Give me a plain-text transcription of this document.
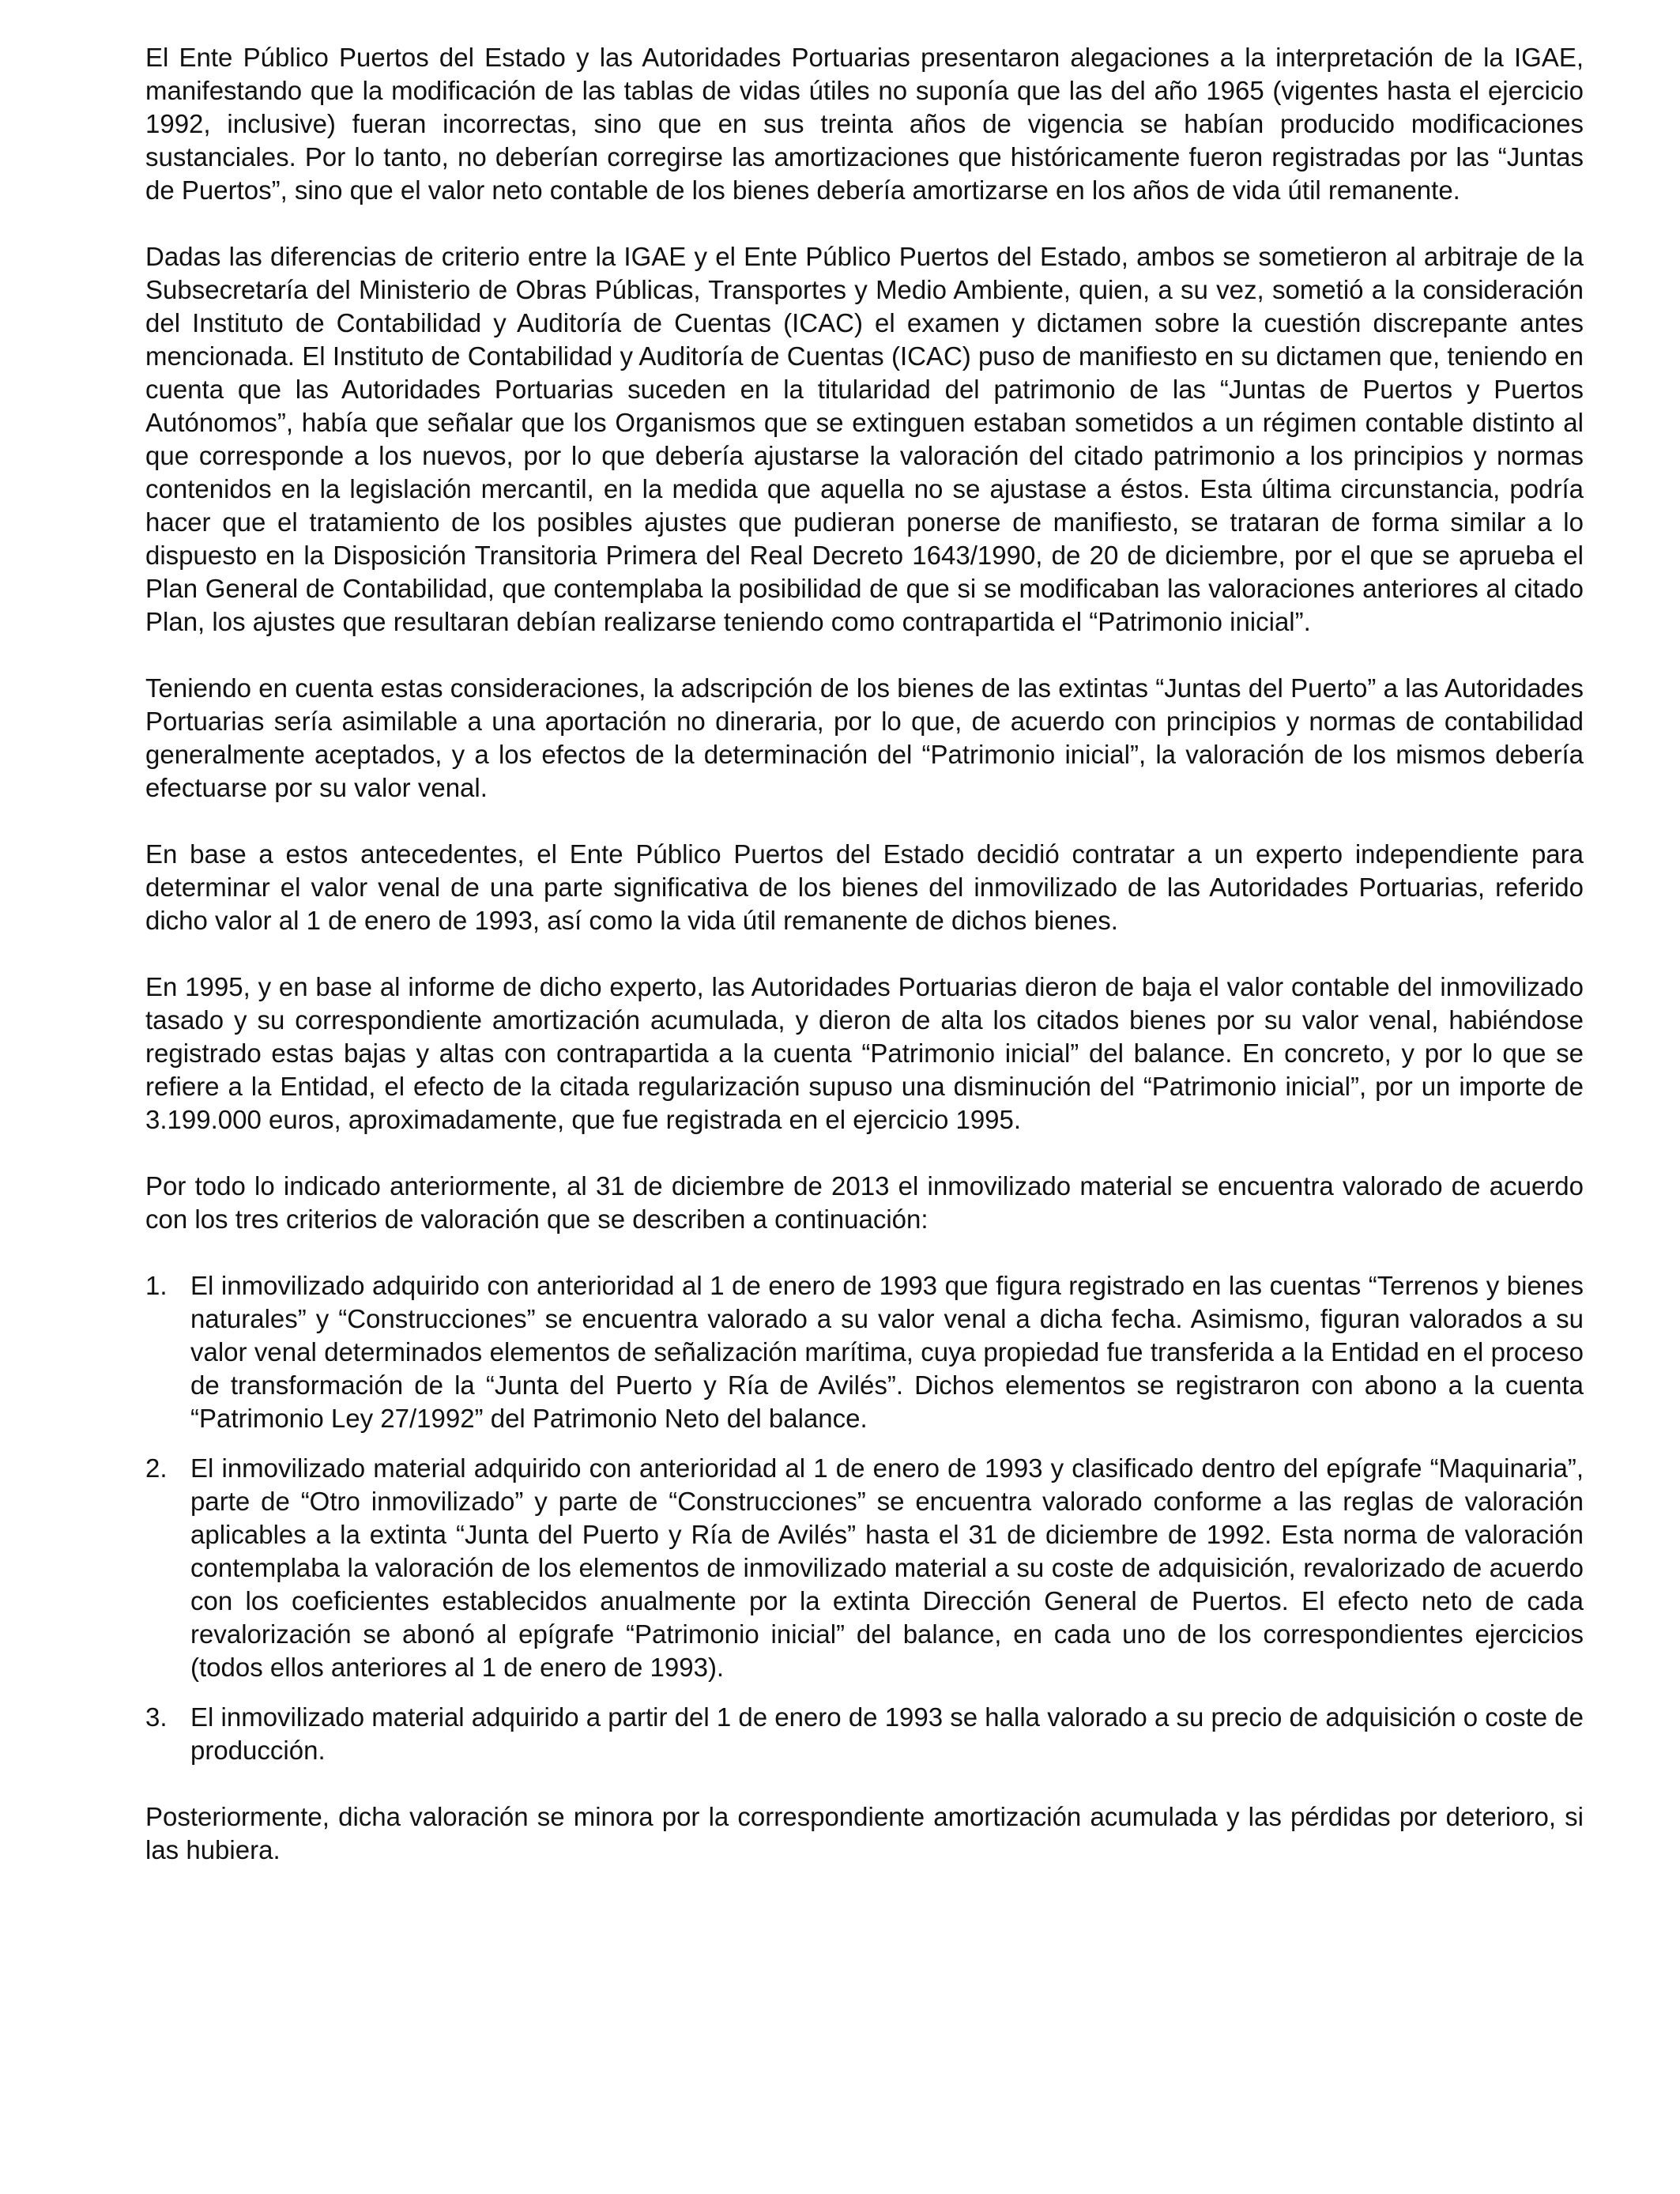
El Ente Público Puertos del Estado y las Autoridades Portuarias presentaron alegaciones a la interpretación de la IGAE, manifestando que la modificación de las tablas de vidas útiles no suponía que las del año 1965 (vigentes hasta el ejercicio 1992, inclusive) fueran incorrectas, sino que en sus treinta años de vigencia se habían producido modificaciones sustanciales. Por lo tanto, no deberían corregirse las amortizaciones que históricamente fueron registradas por las “Juntas de Puertos”, sino que el valor neto contable de los bienes debería amortizarse en los años de vida útil remanente.

Dadas las diferencias de criterio entre la IGAE y el Ente Público Puertos del Estado, ambos se sometieron al arbitraje de la Subsecretaría del Ministerio de Obras Públicas, Transportes y Medio Ambiente, quien, a su vez, sometió a la consideración del Instituto de Contabilidad y Auditoría de Cuentas (ICAC) el examen y dictamen sobre la cuestión discrepante antes mencionada. El Instituto de Contabilidad y Auditoría de Cuentas (ICAC) puso de manifiesto en su dictamen que, teniendo en cuenta que las Autoridades Portuarias suceden en la titularidad del patrimonio de las “Juntas de Puertos y Puertos Autónomos”, había que señalar que los Organismos que se extinguen estaban sometidos a un régimen contable distinto al que corresponde a los nuevos, por lo que debería ajustarse la valoración del citado patrimonio a los principios y normas contenidos en la legislación mercantil, en la medida que aquella no se ajustase a éstos. Esta última circunstancia, podría hacer que el tratamiento de los posibles ajustes que pudieran ponerse de manifiesto, se trataran de forma similar a lo dispuesto en la Disposición Transitoria Primera del Real Decreto 1643/1990, de 20 de diciembre, por el que se aprueba el Plan General de Contabilidad, que contemplaba la posibilidad de que si se modificaban las valoraciones anteriores al citado Plan, los ajustes que resultaran debían realizarse teniendo como contrapartida el “Patrimonio inicial”.

Teniendo en cuenta estas consideraciones, la adscripción de los bienes de las extintas “Juntas del Puerto” a las Autoridades Portuarias sería asimilable a una aportación no dineraria, por lo que, de acuerdo con principios y normas de contabilidad generalmente aceptados, y a los efectos de la determinación del “Patrimonio inicial”, la valoración de los mismos debería efectuarse por su valor venal.

En base a estos antecedentes, el Ente Público Puertos del Estado decidió contratar a un experto independiente para determinar el valor venal de una parte significativa de los bienes del inmovilizado de las Autoridades Portuarias, referido dicho valor al 1 de enero de 1993, así como la vida útil remanente de dichos bienes.

En 1995, y en base al informe de dicho experto, las Autoridades Portuarias dieron de baja el valor contable del inmovilizado tasado y su correspondiente amortización acumulada, y dieron de alta los citados bienes por su valor venal, habiéndose registrado estas bajas y altas con contrapartida a la cuenta “Patrimonio inicial” del balance. En concreto, y por lo que se refiere a la Entidad, el efecto de la citada regularización supuso una disminución del “Patrimonio inicial”, por un importe de 3.199.000 euros, aproximadamente, que fue registrada en el ejercicio 1995.

Por todo lo indicado anteriormente, al 31 de diciembre de 2013 el inmovilizado material se encuentra valorado de acuerdo con los tres criterios de valoración que se describen a continuación:

1. El inmovilizado adquirido con anterioridad al 1 de enero de 1993 que figura registrado en las cuentas “Terrenos y bienes naturales” y “Construcciones” se encuentra valorado a su valor venal a dicha fecha. Asimismo, figuran valorados a su valor venal determinados elementos de señalización marítima, cuya propiedad fue transferida a la Entidad en el proceso de transformación de la “Junta del Puerto y Ría de Avilés”. Dichos elementos se registraron con abono a la cuenta “Patrimonio Ley 27/1992” del Patrimonio Neto del balance.
2. El inmovilizado material adquirido con anterioridad al 1 de enero de 1993 y clasificado dentro del epígrafe “Maquinaria”, parte de “Otro inmovilizado” y parte de “Construcciones” se encuentra valorado conforme a las reglas de valoración aplicables a la extinta “Junta del Puerto y Ría de Avilés” hasta el 31 de diciembre de 1992. Esta norma de valoración contemplaba la valoración de los elementos de inmovilizado material a su coste de adquisición, revalorizado de acuerdo con los coeficientes establecidos anualmente por la extinta Dirección General de Puertos. El efecto neto de cada revalorización se abonó al epígrafe “Patrimonio inicial” del balance, en cada uno de los correspondientes ejercicios (todos ellos anteriores al 1 de enero de 1993).
3. El inmovilizado material adquirido a partir del 1 de enero de 1993 se halla valorado a su precio de adquisición o coste de producción.

Posteriormente, dicha valoración se minora por la correspondiente amortización acumulada y las pérdidas por deterioro, si las hubiera.
